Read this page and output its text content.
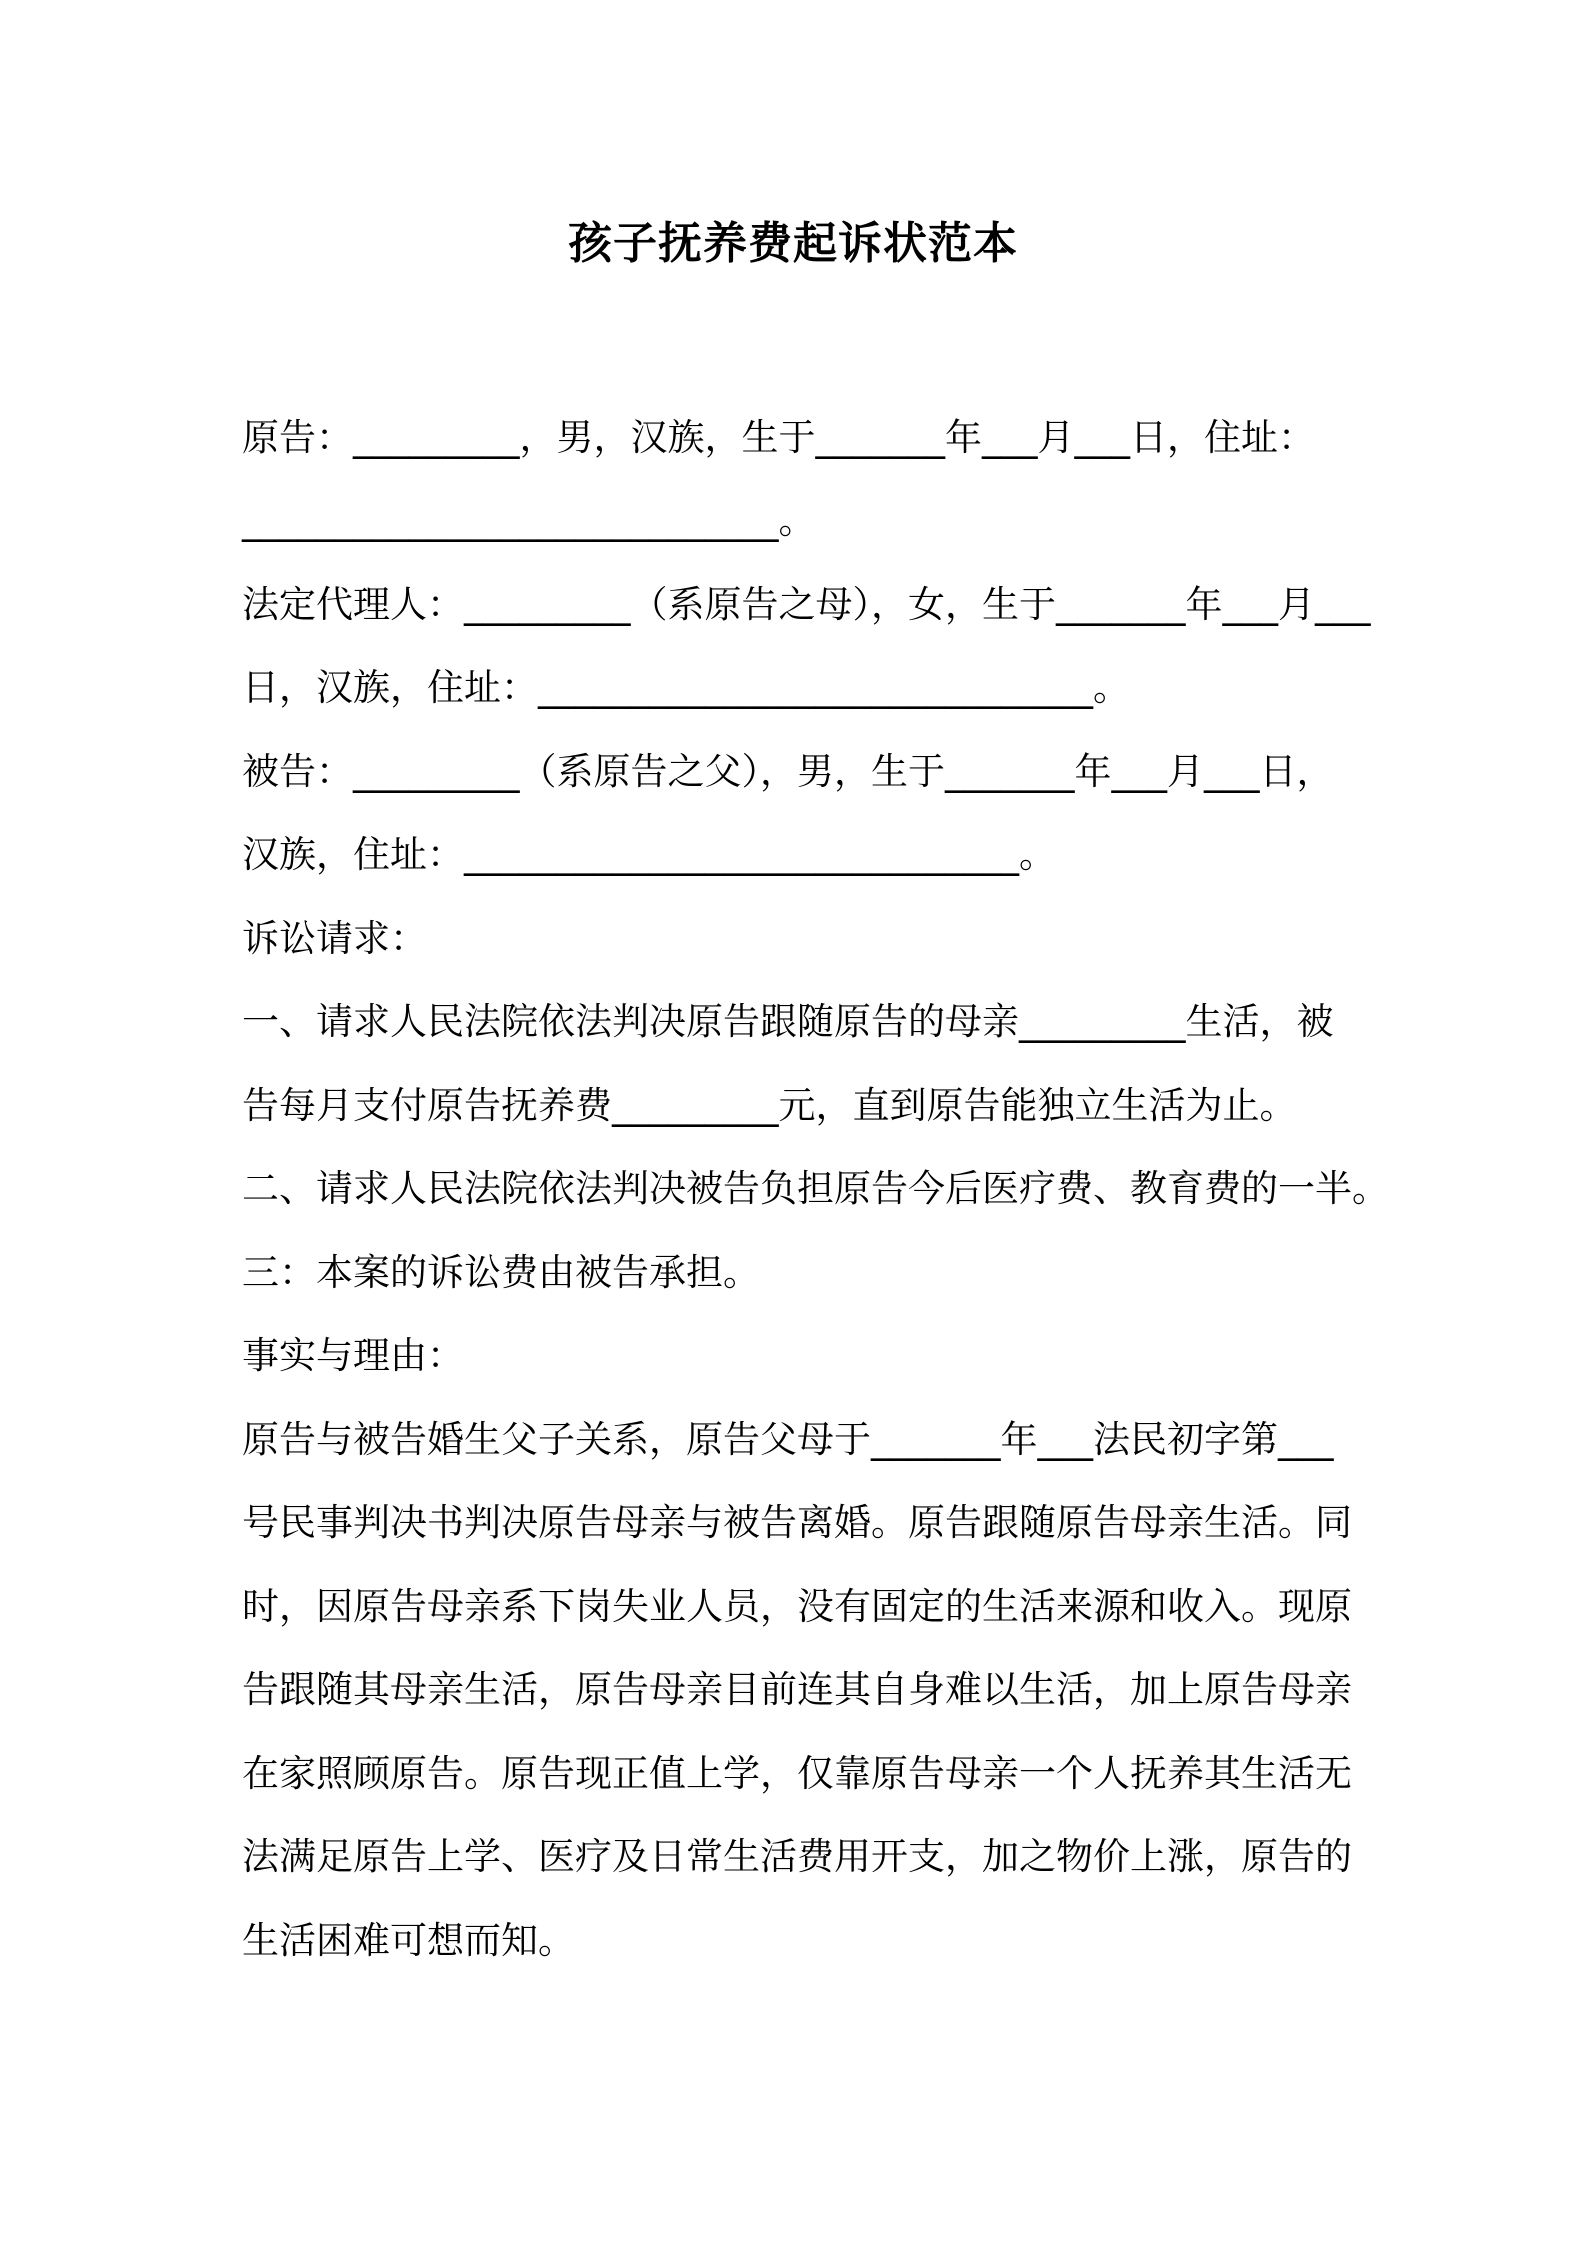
孩子抚养费起诉状范本
原告：_________，男，汉族，生于_______年___月___日，住址：
_____________________________。
法定代理人：_________（系原告之母），女，生于_______年___月___
日，汉族，住址：______________________________。
被告：_________（系原告之父），男，生于_______年___月___日，
汉族，住址：______________________________。
诉讼请求：
一、请求人民法院依法判决原告跟随原告的母亲_________生活，被
告每月支付原告抚养费_________元，直到原告能独立生活为止。
二、请求人民法院依法判决被告负担原告今后医疗费、教育费的一半。
三：本案的诉讼费由被告承担。
事实与理由：
原告与被告婚生父子关系，原告父母于_______年___法民初字第___
号民事判决书判决原告母亲与被告离婚。原告跟随原告母亲生活。同
时，因原告母亲系下岗失业人员，没有固定的生活来源和收入。现原
告跟随其母亲生活，原告母亲目前连其自身难以生活，加上原告母亲
在家照顾原告。原告现正值上学，仅靠原告母亲一个人抚养其生活无
法满足原告上学、医疗及日常生活费用开支，加之物价上涨，原告的
生活困难可想而知。
